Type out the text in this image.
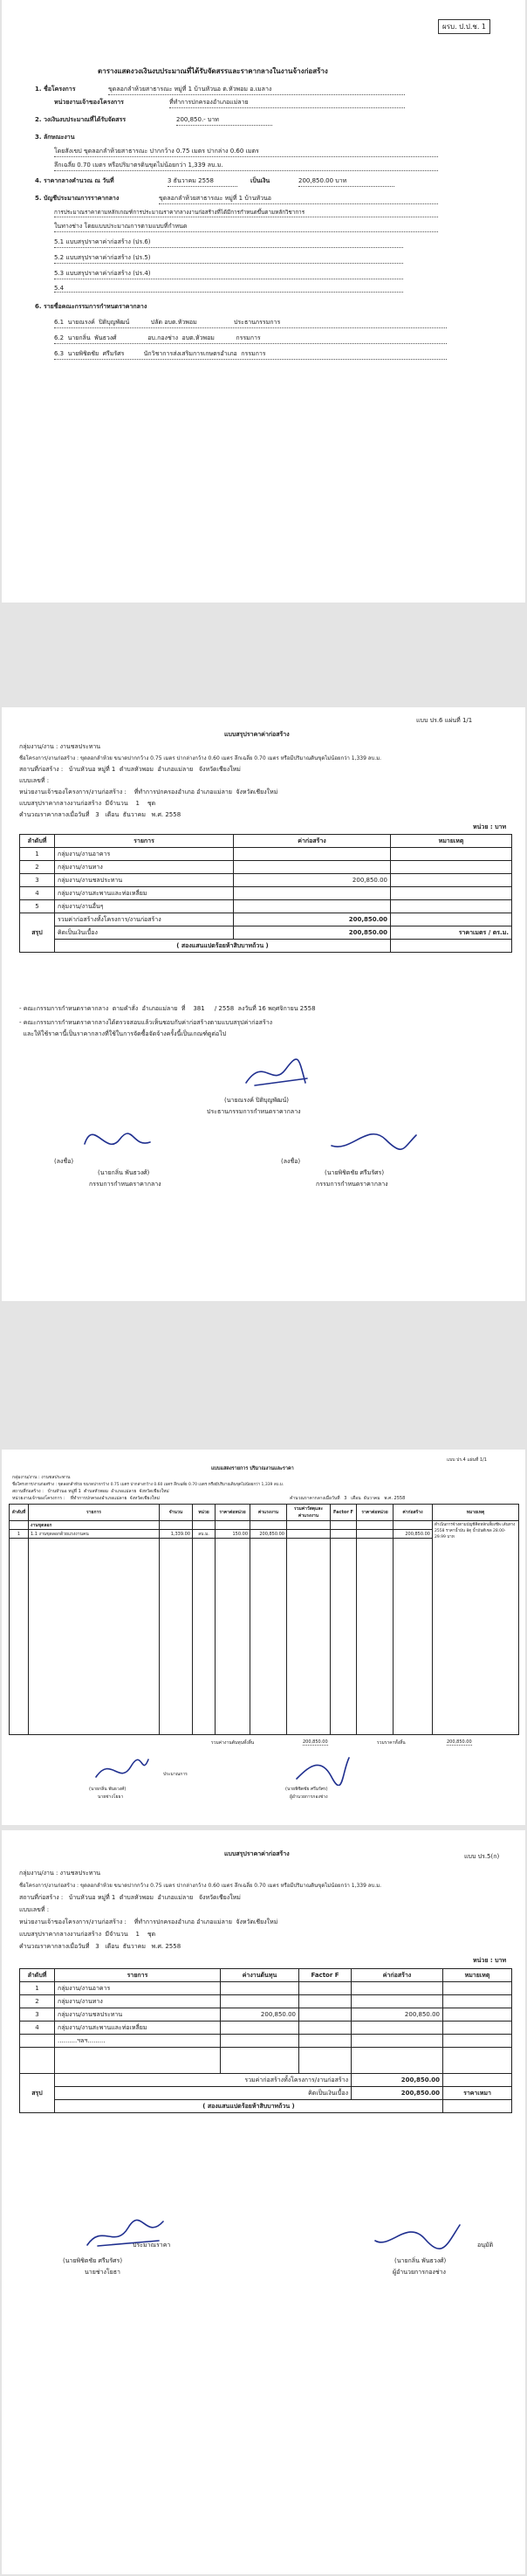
ผรบ. ป.ป.ช. 1
ตารางแสดงวงเงินงบประมาณที่ได้รับจัดสรรและราคากลางในงานจ้างก่อสร้าง
1. ชื่อโครงการ	ขุดลอกลำห้วยสาธารณะ หมู่ที่ 1 บ้านหัวนอ ต.หัวพอม อ.เมลาง
หน่วยงานเจ้าของโครงการ	ที่ทำการปกครองอำเภอแม่ลาย
2. วงเงินงบประมาณที่ได้รับจัดสรร	200,850.- บาท
3. ลักษณะงาน
โดยสังเขป ขุดลอกลำห้วยสาธารณะ ปากกว้าง 0.75 เมตร ปากล่าง 0.60 เมตร
ลึกเฉลี่ย 0.70 เมตร หรือปริมาตรดินขุดไม่น้อยกว่า 1,339 ลบ.ม.
4. ราคากลางคำนวณ ณ วันที่	3 ธันวาคม 2558	เป็นเงิน	200,850.00 บาท
5. บัญชีประมาณการราคากลาง	ขุดลอกลำห้วยสาธารณะ หมู่ที่ 1 บ้านหัวนอ
การประมาณราคาตามหลักเกณฑ์การประมาณราคากลางงานก่อสร้างที่ได้มีการกำหนดขึ้นตามหลักวิชาการ
ในทางช่าง โดยแบบประมาณการตามแบบที่กำหนด
5.1 แบบสรุปราคาค่าก่อสร้าง (ปร.6)
5.2 แบบสรุปราคาค่าก่อสร้าง (ปร.5)
5.3 แบบสรุปราคาค่าก่อสร้าง (ปร.4)
5.4
6. รายชื่อคณะกรรมการกำหนดราคากลาง
6.1  นายณรงค์  ปิติบุญพัฒน์           ปลัด อบต.หัวพอม                   ประธานกรรมการ
6.2  นายกลิ่น  พันธวงศ์                อบ.กองช่าง  อบต.หัวพอม           กรรมการ
6.3  นายพิชิตชัย  ศรีมรัศร          นักวิชาการส่งเสริมการเกษตรอำเภอ  กรรมการ
แบบ ปร.6 แผ่นที่ 1/1
แบบสรุปราคาค่าก่อสร้าง
กลุ่มงาน/งาน : งานชลประทาน
ชื่อโครงการ/งานก่อสร้าง : ขุดลอกลำห้วย ขนาดปากกว้าง 0.75 เมตร ปากล่างกว้าง 0.60 เมตร ลึกเฉลี่ย 0.70 เมตร หรือมีปริมาณดินขุดไม่น้อยกว่า 1,339 ลบ.ม.
สถานที่ก่อสร้าง :   บ้านหัวนอ หมู่ที่ 1  ตำบลหัวพอม  อำเภอแม่ลาย   จังหวัดเชียงใหม่
แบบเลขที่ :
หน่วยงานเจ้าของโครงการ/งานก่อสร้าง :    ที่ทำการปกครองอำเภอ อำเภอแม่ลาย  จังหวัดเชียงใหม่
แบบสรุปราคากลางงานก่อสร้าง  มีจำนวน    1    ชุด
คำนวณราคากลางเมื่อวันที่   3   เดือน  ธันวาคม   พ.ศ. 2558
หน่วย : บาท
ลำดับที่	รายการ	ค่าก่อสร้าง	หมายเหตุ
1	กลุ่มงาน/งานอาคาร		
2	กลุ่มงาน/งานทาง		
3	กลุ่มงาน/งานชลประทาน	200,850.00	
4	กลุ่มงาน/งานสะพานและท่อเหลี่ยม		
5	กลุ่มงาน/งานอื่นๆ		
สรุป	รวมค่าก่อสร้างทั้งโครงการ/งานก่อสร้าง	200,850.00	
	คิดเป็นเงินเบื้อง	200,850.00	ราคาเมตร / ตร.ม.
	( สองแสนแปดร้อยห้าสิบบาทถ้วน )		
- คณะกรรมการกำหนดราคากลาง  ตามคำสั่ง  อำเภอแม่ลาย  ที่    381     / 2558  ลงวันที่ 16 พฤศจิกายน 2558
- คณะกรรมการกำหนดราคากลางได้ตรวจสอบแล้วเห็นชอบกับค่าก่อสร้างตามแบบสรุปค่าก่อสร้าง
และให้ใช้ราคานี้เป็นราคากลางที่ใช้ในการจัดซื้อจัดจ้างครั้งนี้เป็นเกณฑ์ดูต่อไป
(นายณรงค์ ปิติบุญพัฒน์)
ประธานกรรมการกำหนดราคากลาง
(ลงชื่อ)
(นายกลิ่น พันธวงศ์)
กรรมการกำหนดราคากลาง
(ลงชื่อ)
(นายพิชิตชัย ศรีมรัศร)
กรรมการกำหนดราคากลาง
แบบ ปร.4 แผ่นที่ 1/1
แบบแสดงรายการ ปริมาณงานและราคา
กลุ่มงาน/งาน : งานชลประทาน
ชื่อโครงการ/งานก่อสร้าง : ขุดลอกลำห้วย ขนาดปากกว้าง 0.75 เมตร ปากล่างกว้าง 0.60 เมตร ลึกเฉลี่ย 0.70 เมตร หรือมีปริมาณดินขุดไม่น้อยกว่า 1,339 ลบ.ม.
สถานที่ก่อสร้าง :   บ้านหัวนอ หมู่ที่ 1  ตำบลหัวพอม  อำเภอแม่ลาย  จังหวัดเชียงใหม่
หน่วยงานเจ้าของโครงการ :    ที่ทำการปกครองอำเภอแม่ลาย  จังหวัดเชียงใหม่	คำนวณราคากลางเมื่อวันที่   3   เดือน  ธันวาคม   พ.ศ. 2558
ลำดับที่	รายการ	จำนวน	หน่วย	ราคาต่อหน่วย	ค่าแรงงาน	รวมค่าวัสดุและค่าแรงงาน	Factor F	ราคาต่อหน่วย	ค่าก่อสร้าง	หมายเหตุ
	งานขุดลอก									ดำเนินการจ้างตามบัญชีคิดหลักเลี้ยงชีพ เส้นทาง 2558 ราคาน้ำมัน 8ตุ น้ำมันดีเซล 28.00-29.99 บาท
1	1.1 งานขุดลอกด้วยแรงงานคน	1,339.00	ลบ.ม.	150.00	200,850.00				200,850.00	

รวมค่างานต้นทุนทั้งสิ้น	200,850.00	รวมราคาทั้งสิ้น	200,850.00
ประมาณการ
(นายกลิ่น พันธวงศ์)
นายช่างโยธา
(นายพิชิตชัย ศรีมรัศร)
ผู้อำนวยการกองช่าง
แบบ ปร.5(ก)
แบบสรุปราคาค่าก่อสร้าง
กลุ่มงาน/งาน : งานชลประทาน
ชื่อโครงการ/งานก่อสร้าง : ขุดลอกลำห้วย ขนาดปากกว้าง 0.75 เมตร ปากล่างกว้าง 0.60 เมตร ลึกเฉลี่ย 0.70 เมตร หรือมีปริมาณดินขุดไม่น้อยกว่า 1,339 ลบ.ม.
สถานที่ก่อสร้าง :   บ้านหัวนอ หมู่ที่ 1  ตำบลหัวพอม  อำเภอแม่ลาย   จังหวัดเชียงใหม่
แบบเลขที่ :
หน่วยงานเจ้าของโครงการ/งานก่อสร้าง :    ที่ทำการปกครองอำเภอ อำเภอแม่ลาย  จังหวัดเชียงใหม่
แบบสรุปราคากลางงานก่อสร้าง  มีจำนวน    1    ชุด
คำนวณราคากลางเมื่อวันที่   3   เดือน  ธันวาคม   พ.ศ. 2558
หน่วย : บาท
ลำดับที่	รายการ	ค่างานต้นทุน	Factor F	ค่าก่อสร้าง	หมายเหตุ
1	กลุ่มงาน/งานอาคาร				
2	กลุ่มงาน/งานทาง				
3	กลุ่มงาน/งานชลประทาน	200,850.00		200,850.00	
4	กลุ่มงาน/งานสะพานและท่อเหลี่ยม				
	..........ฯลฯ.........				

สรุป	รวมค่าก่อสร้างทั้งโครงการ/งานก่อสร้าง			200,850.00	
	คิดเป็นเงินเบื้อง			200,850.00	ราคาเหมา
	( สองแสนแปดร้อยห้าสิบบาทถ้วน )				
ประมาณราคา
(นายพิชิตชัย ศรีมรัศร)
นายช่างโยธา
อนุมัติ
(นายกลิ่น พันธวงศ์)
ผู้อำนวยการกองช่าง
